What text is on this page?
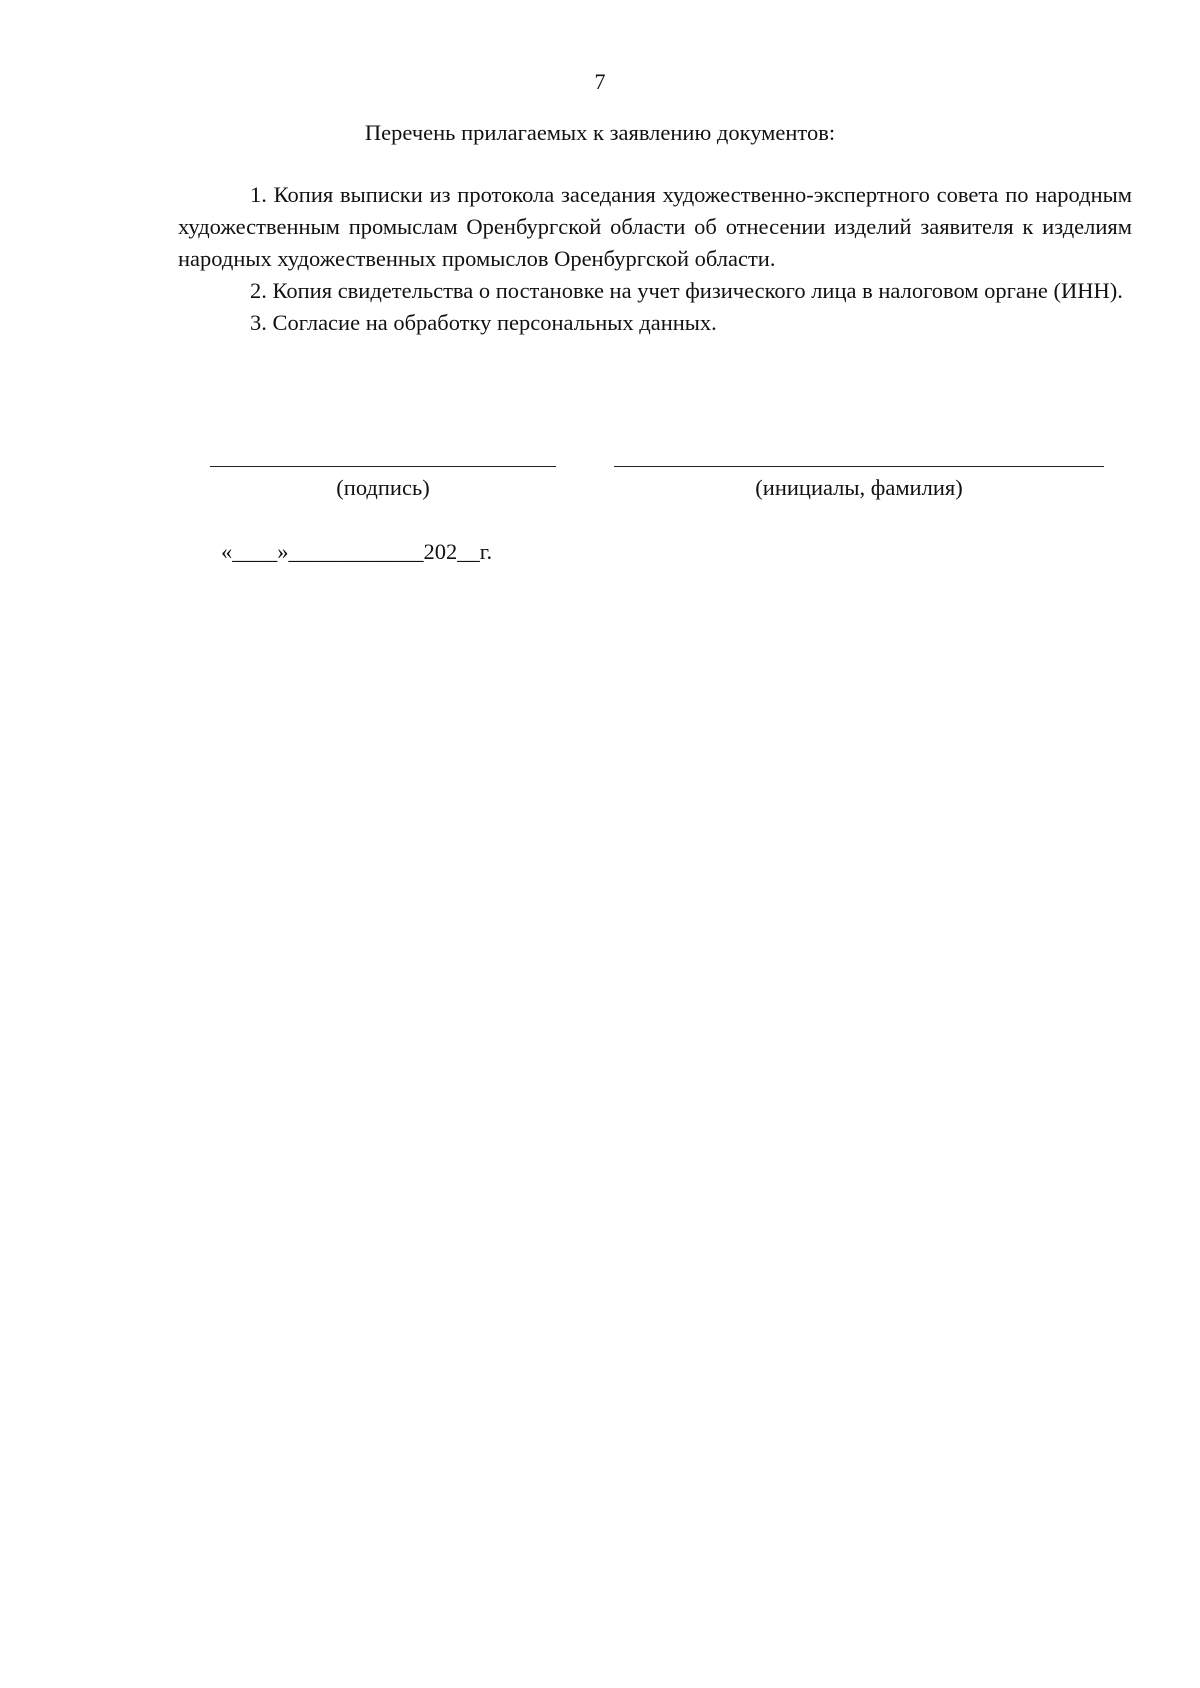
7
Перечень прилагаемых к заявлению документов:

1. Копия выписки из протокола заседания художественно-экспертного совета по народным художественным промыслам Оренбургской области об отнесении изделий заявителя к изделиям народных художественных промыслов Оренбургской области.

2. Копия свидетельства о постановке на учет физического лица в налоговом органе (ИНН).

3. Согласие на обработку персональных данных.

(подпись)	(инициалы, фамилия)
«____»____________202__г.
